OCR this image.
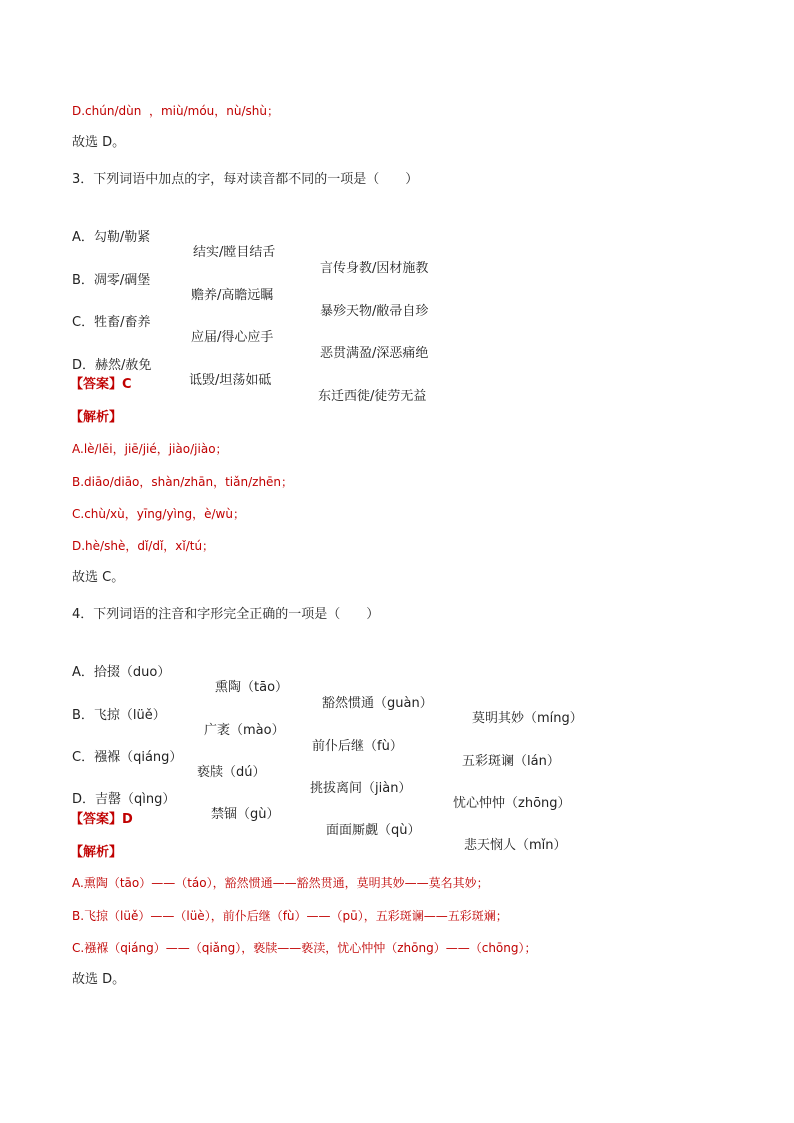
D.chún/dùn  ，miù/móu，nù/shù；
故选 D。
3．下列词语中加点的字，每对读音都不同的一项是（　　）

A．勾勒/勒紧

结实/瞠目结舌

言传身教/因材施教

B．凋零/碉堡

赡养/高瞻远瞩

暴殄天物/敝帚自珍

C．牲畜/畜养

应届/得心应手

恶贯满盈/深恶痛绝

D．赫然/赦免

诋毁/坦荡如砥

东迁西徙/徒劳无益

【答案】C
【解析】
A.lè/lēi，jiē/jié，jiào/jiào；
B.diāo/diāo，shàn/zhān，tiǎn/zhēn；
C.chù/xù，yīng/yìng，è/wù；
D.hè/shè，dǐ/dǐ，xǐ/tú；
故选 C。
4．下列词语的注音和字形完全正确的一项是（　　）

A．拾掇（duo）

熏陶（tāo）

豁然惯通（guàn）

莫明其妙（míng）

B．飞掠（lüě）

广袤（mào）

前仆后继（fù）

五彩斑谰（lán）

C．襁褓（qiáng）

亵牍（dú）

挑拔离间（jiàn）

忧心忡忡（zhōng）

D．吉罄（qìng）

禁锢（gù）

面面厮觑（qù）

悲天悯人（mǐn）

【答案】D
【解析】
A.熏陶（tāo）——（táo），豁然惯通——豁然贯通，莫明其妙——莫名其妙；
B.飞掠（lüě）——（lüè），前仆后继（fù）——（pū），五彩斑谰——五彩斑斓；
C.襁褓（qiáng）——（qiǎng），亵牍——亵渎，忧心忡忡（zhōng）——（chōng）；
故选 D。
